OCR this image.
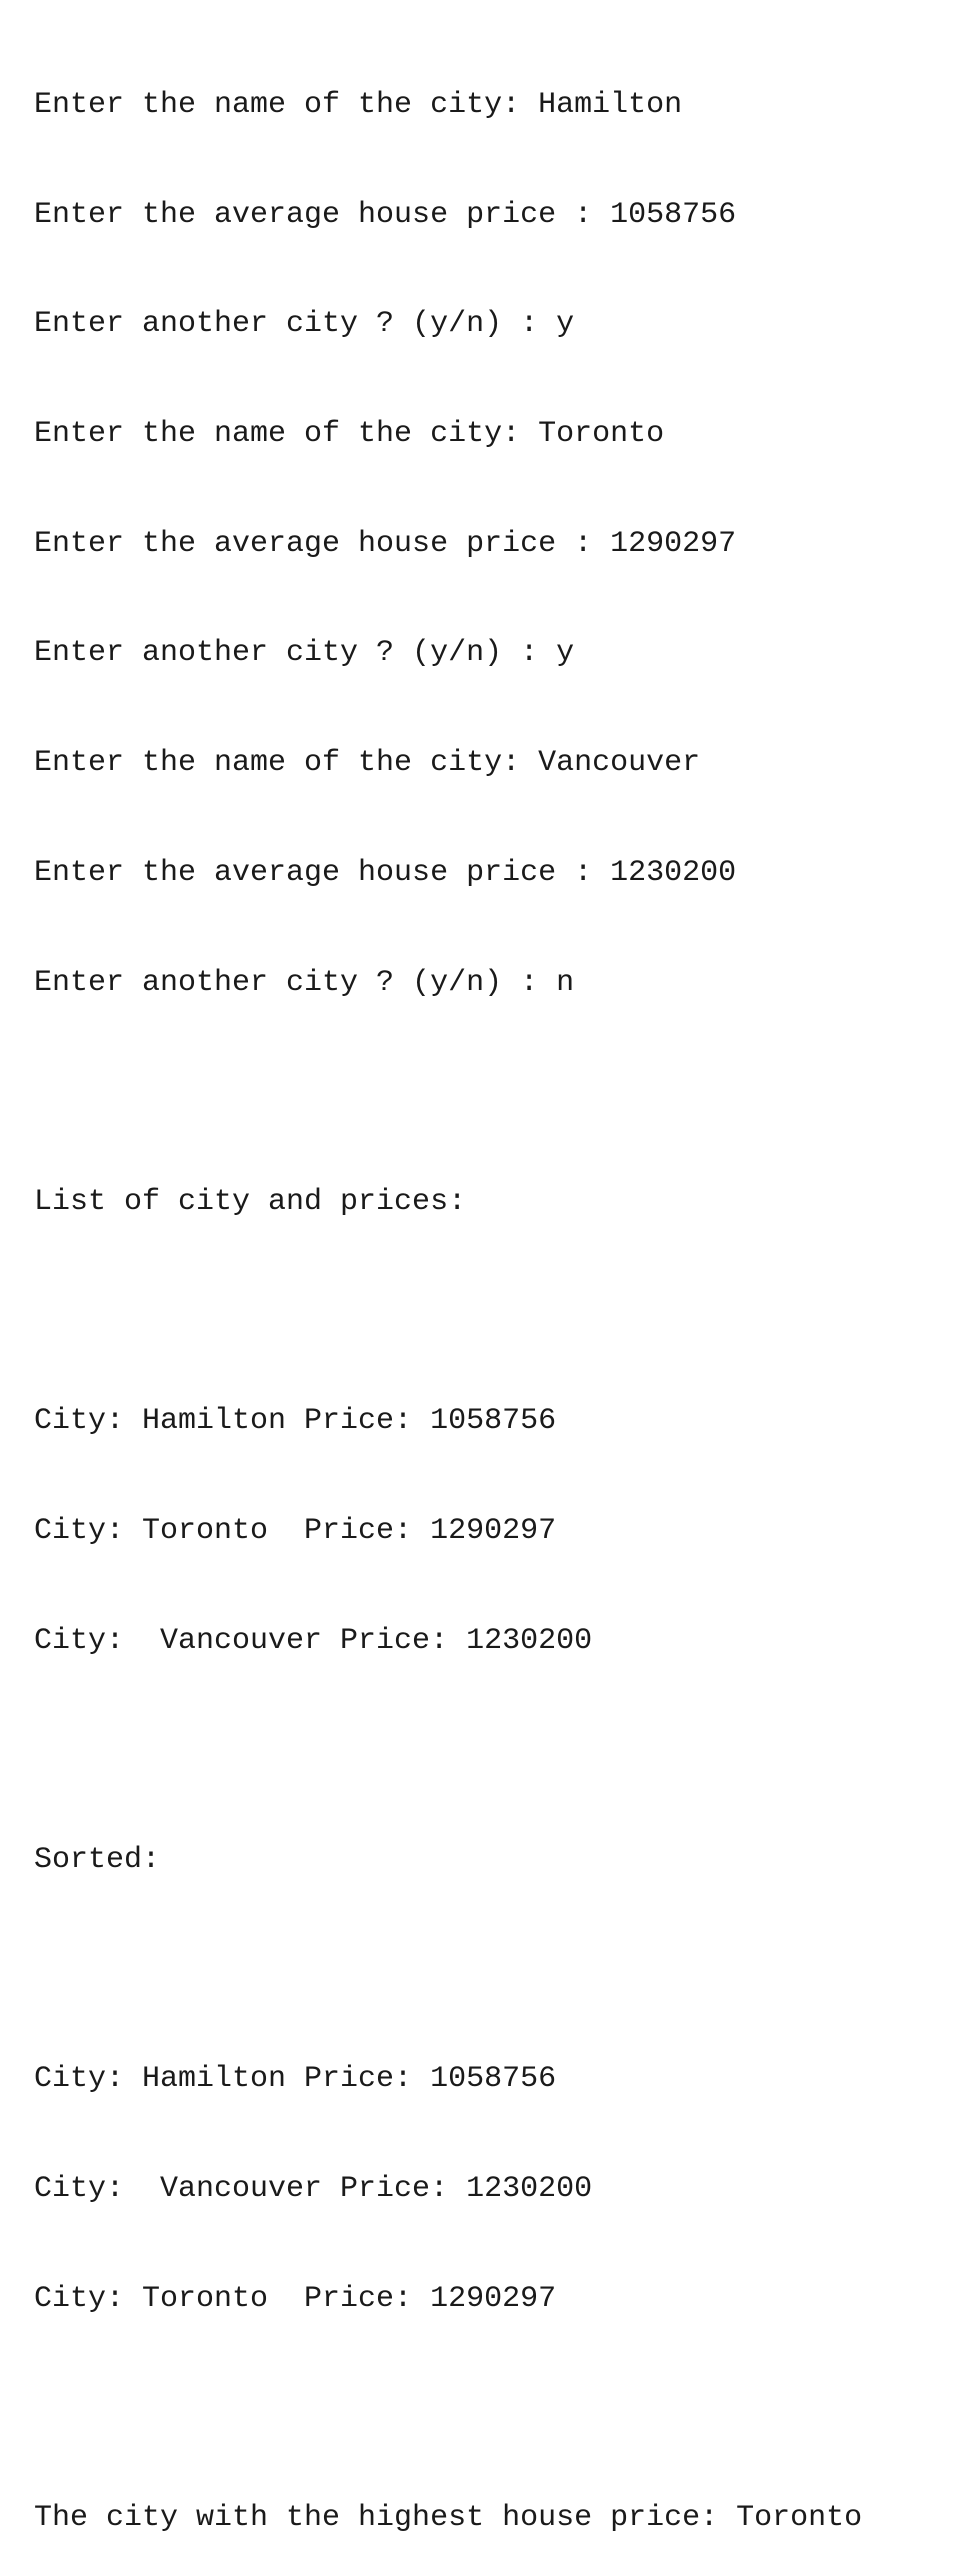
Enter the name of the city: Hamilton

Enter the average house price : 1058756

Enter another city ? (y/n) : y

Enter the name of the city: Toronto

Enter the average house price : 1290297

Enter another city ? (y/n) : y

Enter the name of the city: Vancouver

Enter the average house price : 1230200

Enter another city ? (y/n) : n

List of city and prices:

City: Hamilton Price: 1058756

City: Toronto  Price: 1290297

City:  Vancouver Price: 1230200

Sorted:

City: Hamilton Price: 1058756

City:  Vancouver Price: 1230200

City: Toronto  Price: 1290297

The city with the highest house price: Toronto
